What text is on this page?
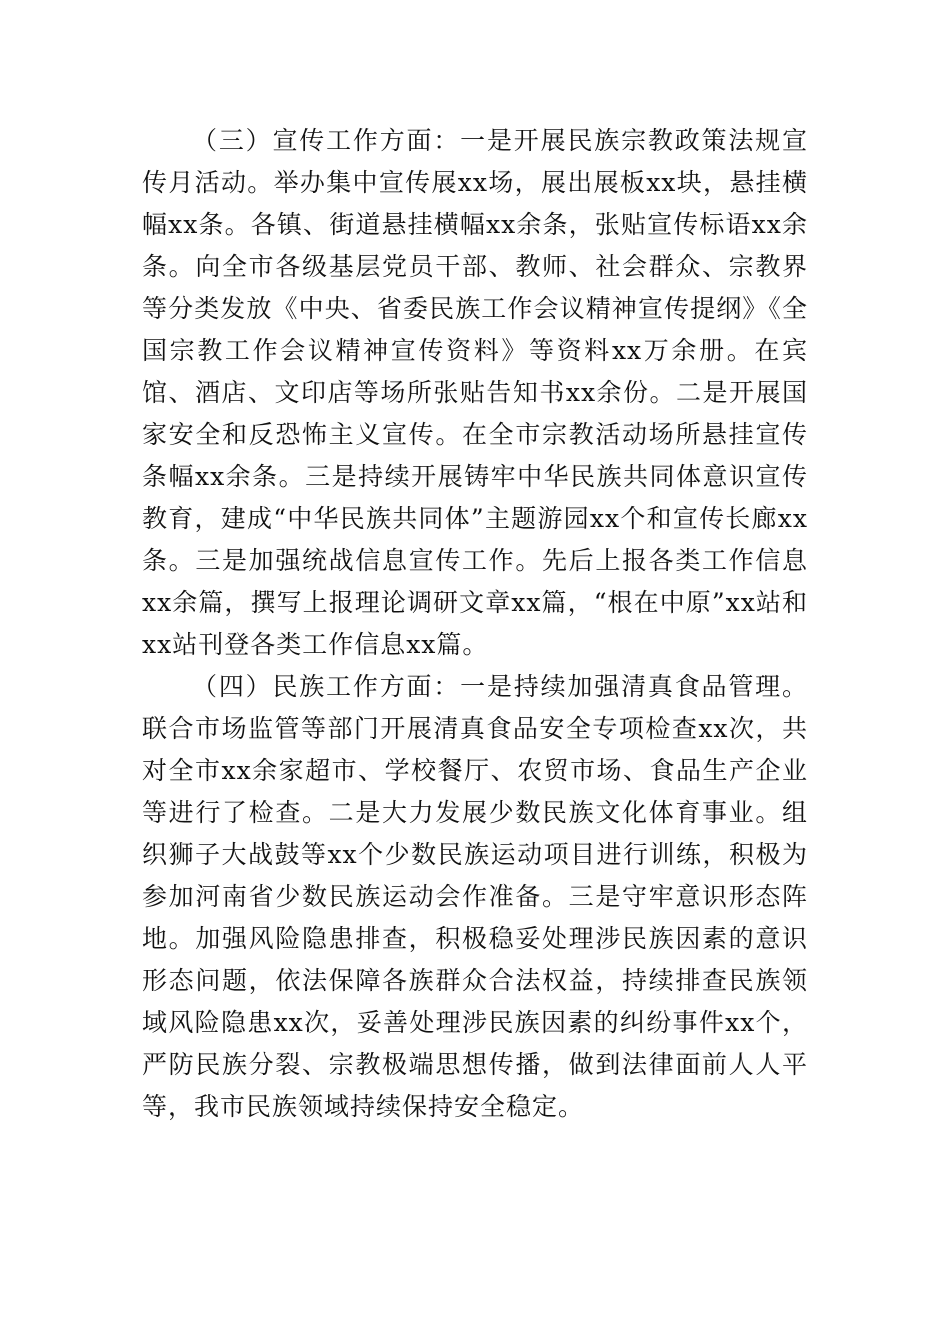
（三）宣传工作方面：一是开展民族宗教政策法规宣传月活动。举办集中宣传展xx场，展出展板xx块，悬挂横幅xx条。各镇、街道悬挂横幅xx余条，张贴宣传标语xx余条。向全市各级基层党员干部、教师、社会群众、宗教界等分类发放《中央、省委民族工作会议精神宣传提纲》《全国宗教工作会议精神宣传资料》等资料xx万余册。在宾馆、酒店、文印店等场所张贴告知书xx余份。二是开展国家安全和反恐怖主义宣传。在全市宗教活动场所悬挂宣传条幅xx余条。三是持续开展铸牢中华民族共同体意识宣传教育，建成“中华民族共同体”主题游园xx个和宣传长廊xx条。三是加强统战信息宣传工作。先后上报各类工作信息xx余篇，撰写上报理论调研文章xx篇，“根在中原”xx站和xx站刊登各类工作信息xx篇。

（四）民族工作方面：一是持续加强清真食品管理。联合市场监管等部门开展清真食品安全专项检查xx次，共对全市xx余家超市、学校餐厅、农贸市场、食品生产企业等进行了检查。二是大力发展少数民族文化体育事业。组织狮子大战鼓等xx个少数民族运动项目进行训练，积极为参加河南省少数民族运动会作准备。三是守牢意识形态阵地。加强风险隐患排查，积极稳妥处理涉民族因素的意识形态问题，依法保障各族群众合法权益，持续排查民族领域风险隐患xx次，妥善处理涉民族因素的纠纷事件xx个，严防民族分裂、宗教极端思想传播，做到法律面前人人平等，我市民族领域持续保持安全稳定。
